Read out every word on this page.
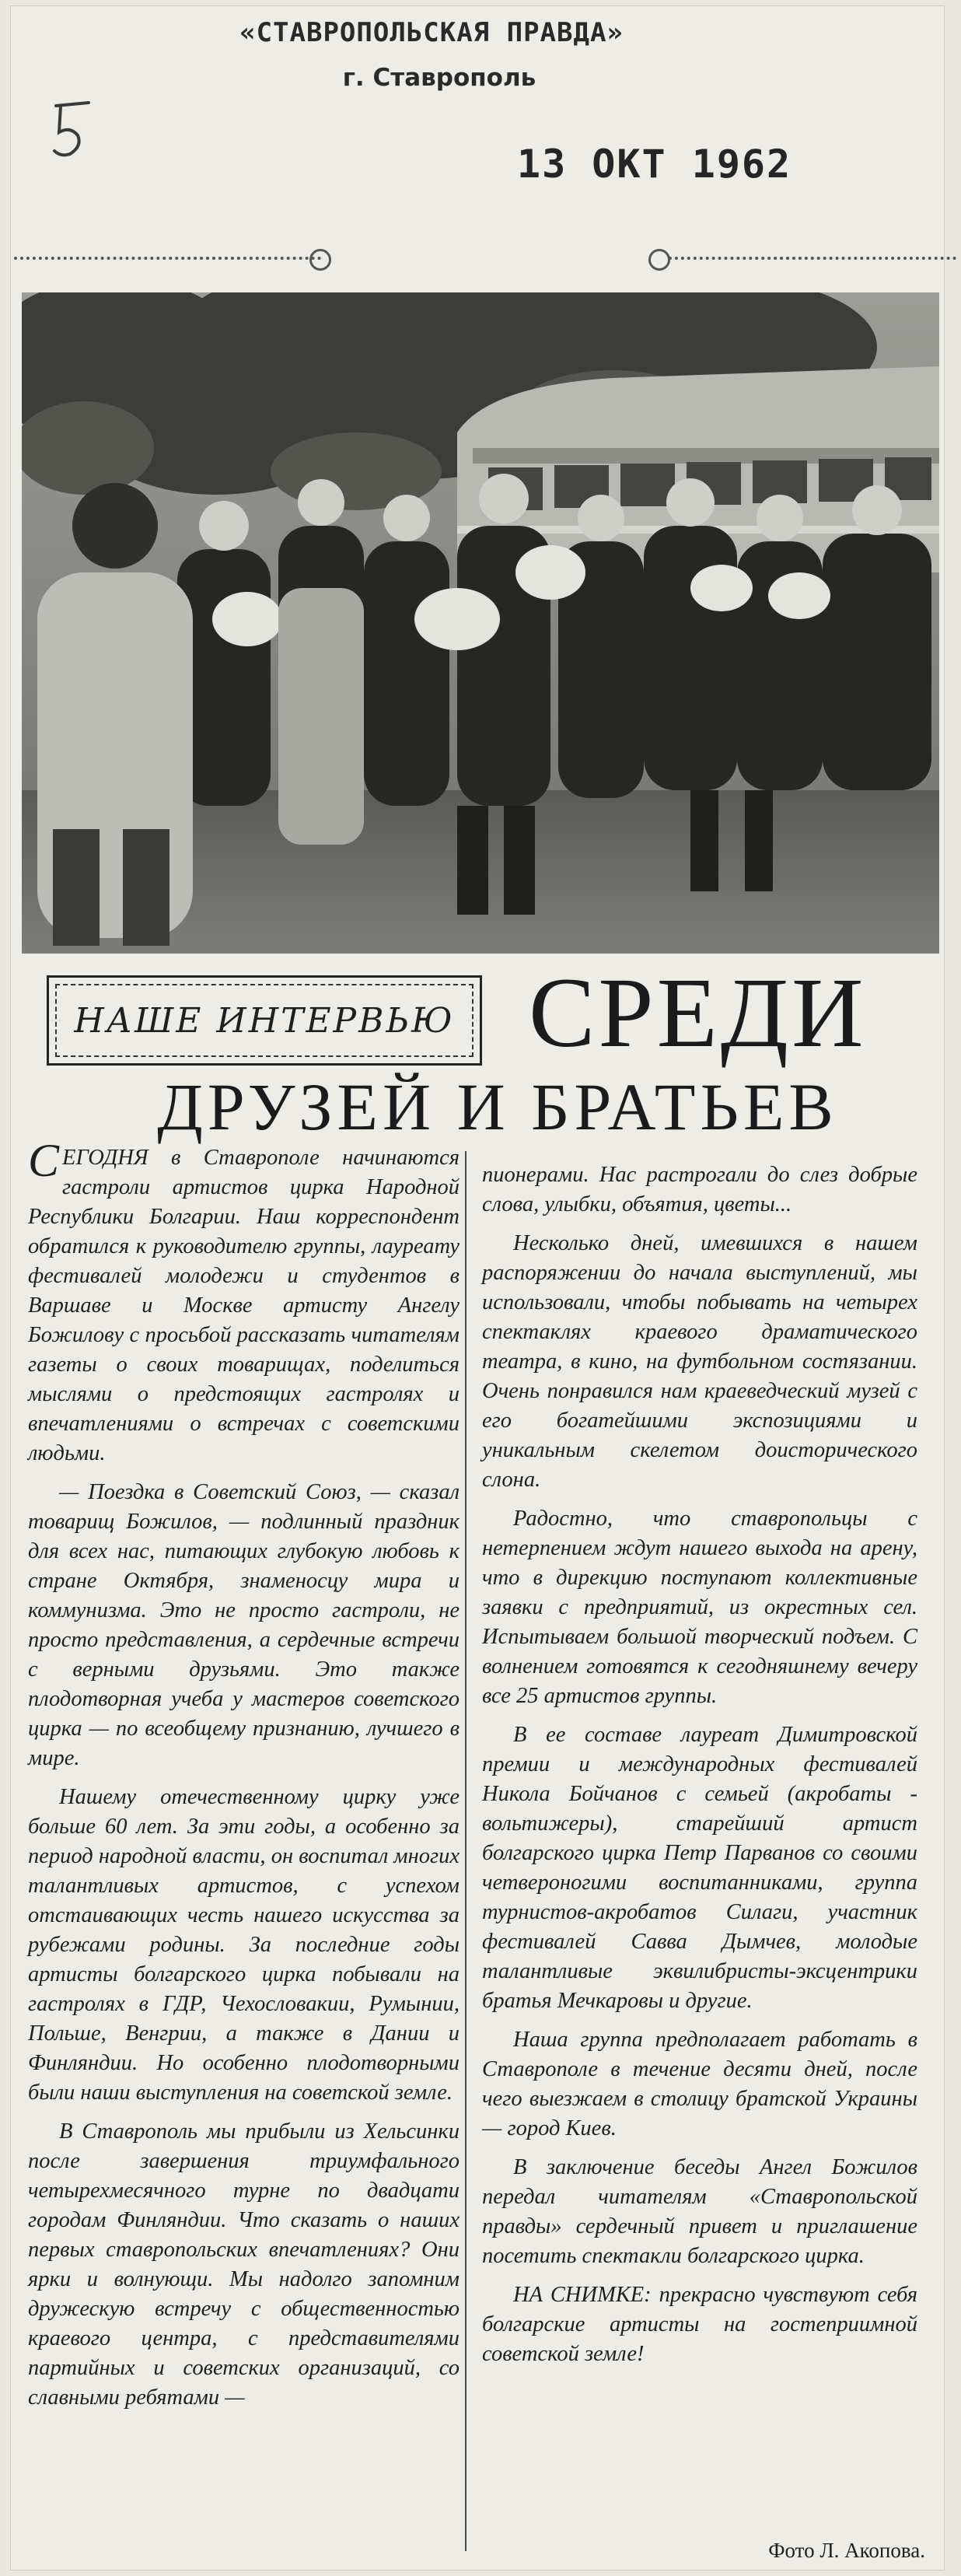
«СТАВРОПОЛЬСКАЯ ПРАВДА»
г. Ставрополь
13 ОКТ 1962
НАШЕ ИНТЕРВЬЮ СРЕДИ
ДРУЗЕЙ И БРАТЬЕВ

СЕГОДНЯ в Ставрополе начинаются гастроли артистов цирка Народной Республики Болгарии. Наш корреспондент обратился к руководителю группы, лауреату фестивалей молодежи и студентов в Варшаве и Москве артисту Ангелу Божилову с просьбой рассказать читателям газеты о своих товарищах, поделиться мыслями о предстоящих гастролях и впечатлениями о встречах с советскими людьми.

— Поездка в Советский Союз, — сказал товарищ Божилов, — подлинный праздник для всех нас, питающих глубокую любовь к стране Октября, знаменосцу мира и коммунизма. Это не просто гастроли, не просто представления, а сердечные встречи с верными друзьями. Это также плодотворная учеба у мастеров советского цирка — по всеобщему признанию, лучшего в мире.

Нашему отечественному цирку уже больше 60 лет. За эти годы, а особенно за период народной власти, он воспитал многих талантливых артистов, с успехом отстаивающих честь нашего искусства за рубежами родины. За последние годы артисты болгарского цирка побывали на гастролях в ГДР, Чехословакии, Румынии, Польше, Венгрии, а также в Дании и Финляндии. Но особенно плодотворными были наши выступления на советской земле.

В Ставрополь мы прибыли из Хельсинки после завершения триумфального четырехмесячного турне по двадцати городам Финляндии. Что сказать о наших первых ставропольских впечатлениях? Они ярки и волнующи. Мы надолго запомним дружескую встречу с общественностью краевого центра, с представителями партийных и советских организаций, со славными ребятами —

пионерами. Нас растрогали до слез добрые слова, улыбки, объятия, цветы...

Несколько дней, имевшихся в нашем распоряжении до начала выступлений, мы использовали, чтобы побывать на четырех спектаклях краевого драматического театра, в кино, на футбольном состязании. Очень понравился нам краеведческий музей с его богатейшими экспозициями и уникальным скелетом доисторического слона.

Радостно, что ставропольцы с нетерпением ждут нашего выхода на арену, что в дирекцию поступают коллективные заявки с предприятий, из окрестных сел. Испытываем большой творческий подъем. С волнением готовятся к сегодняшнему вечеру все 25 артистов группы.

В ее составе лауреат Димитровской премии и международных фестивалей Никола Бойчанов с семьей (акробаты - вольтижеры), старейший артист болгарского цирка Петр Парванов со своими четвероногими воспитанниками, группа турнистов-акробатов Силаги, участник фестивалей Савва Дымчев, молодые талантливые эквилибристы-эксцентрики братья Мечкаровы и другие.

Наша группа предполагает работать в Ставрополе в течение десяти дней, после чего выезжаем в столицу братской Украины — город Киев.

В заключение беседы Ангел Божилов передал читателям «Ставропольской правды» сердечный привет и приглашение посетить спектакли болгарского цирка.

НА СНИМКЕ: прекрасно чувствуют себя болгарские артисты на гостеприимной советской земле!

Фото Л. Акопова.
